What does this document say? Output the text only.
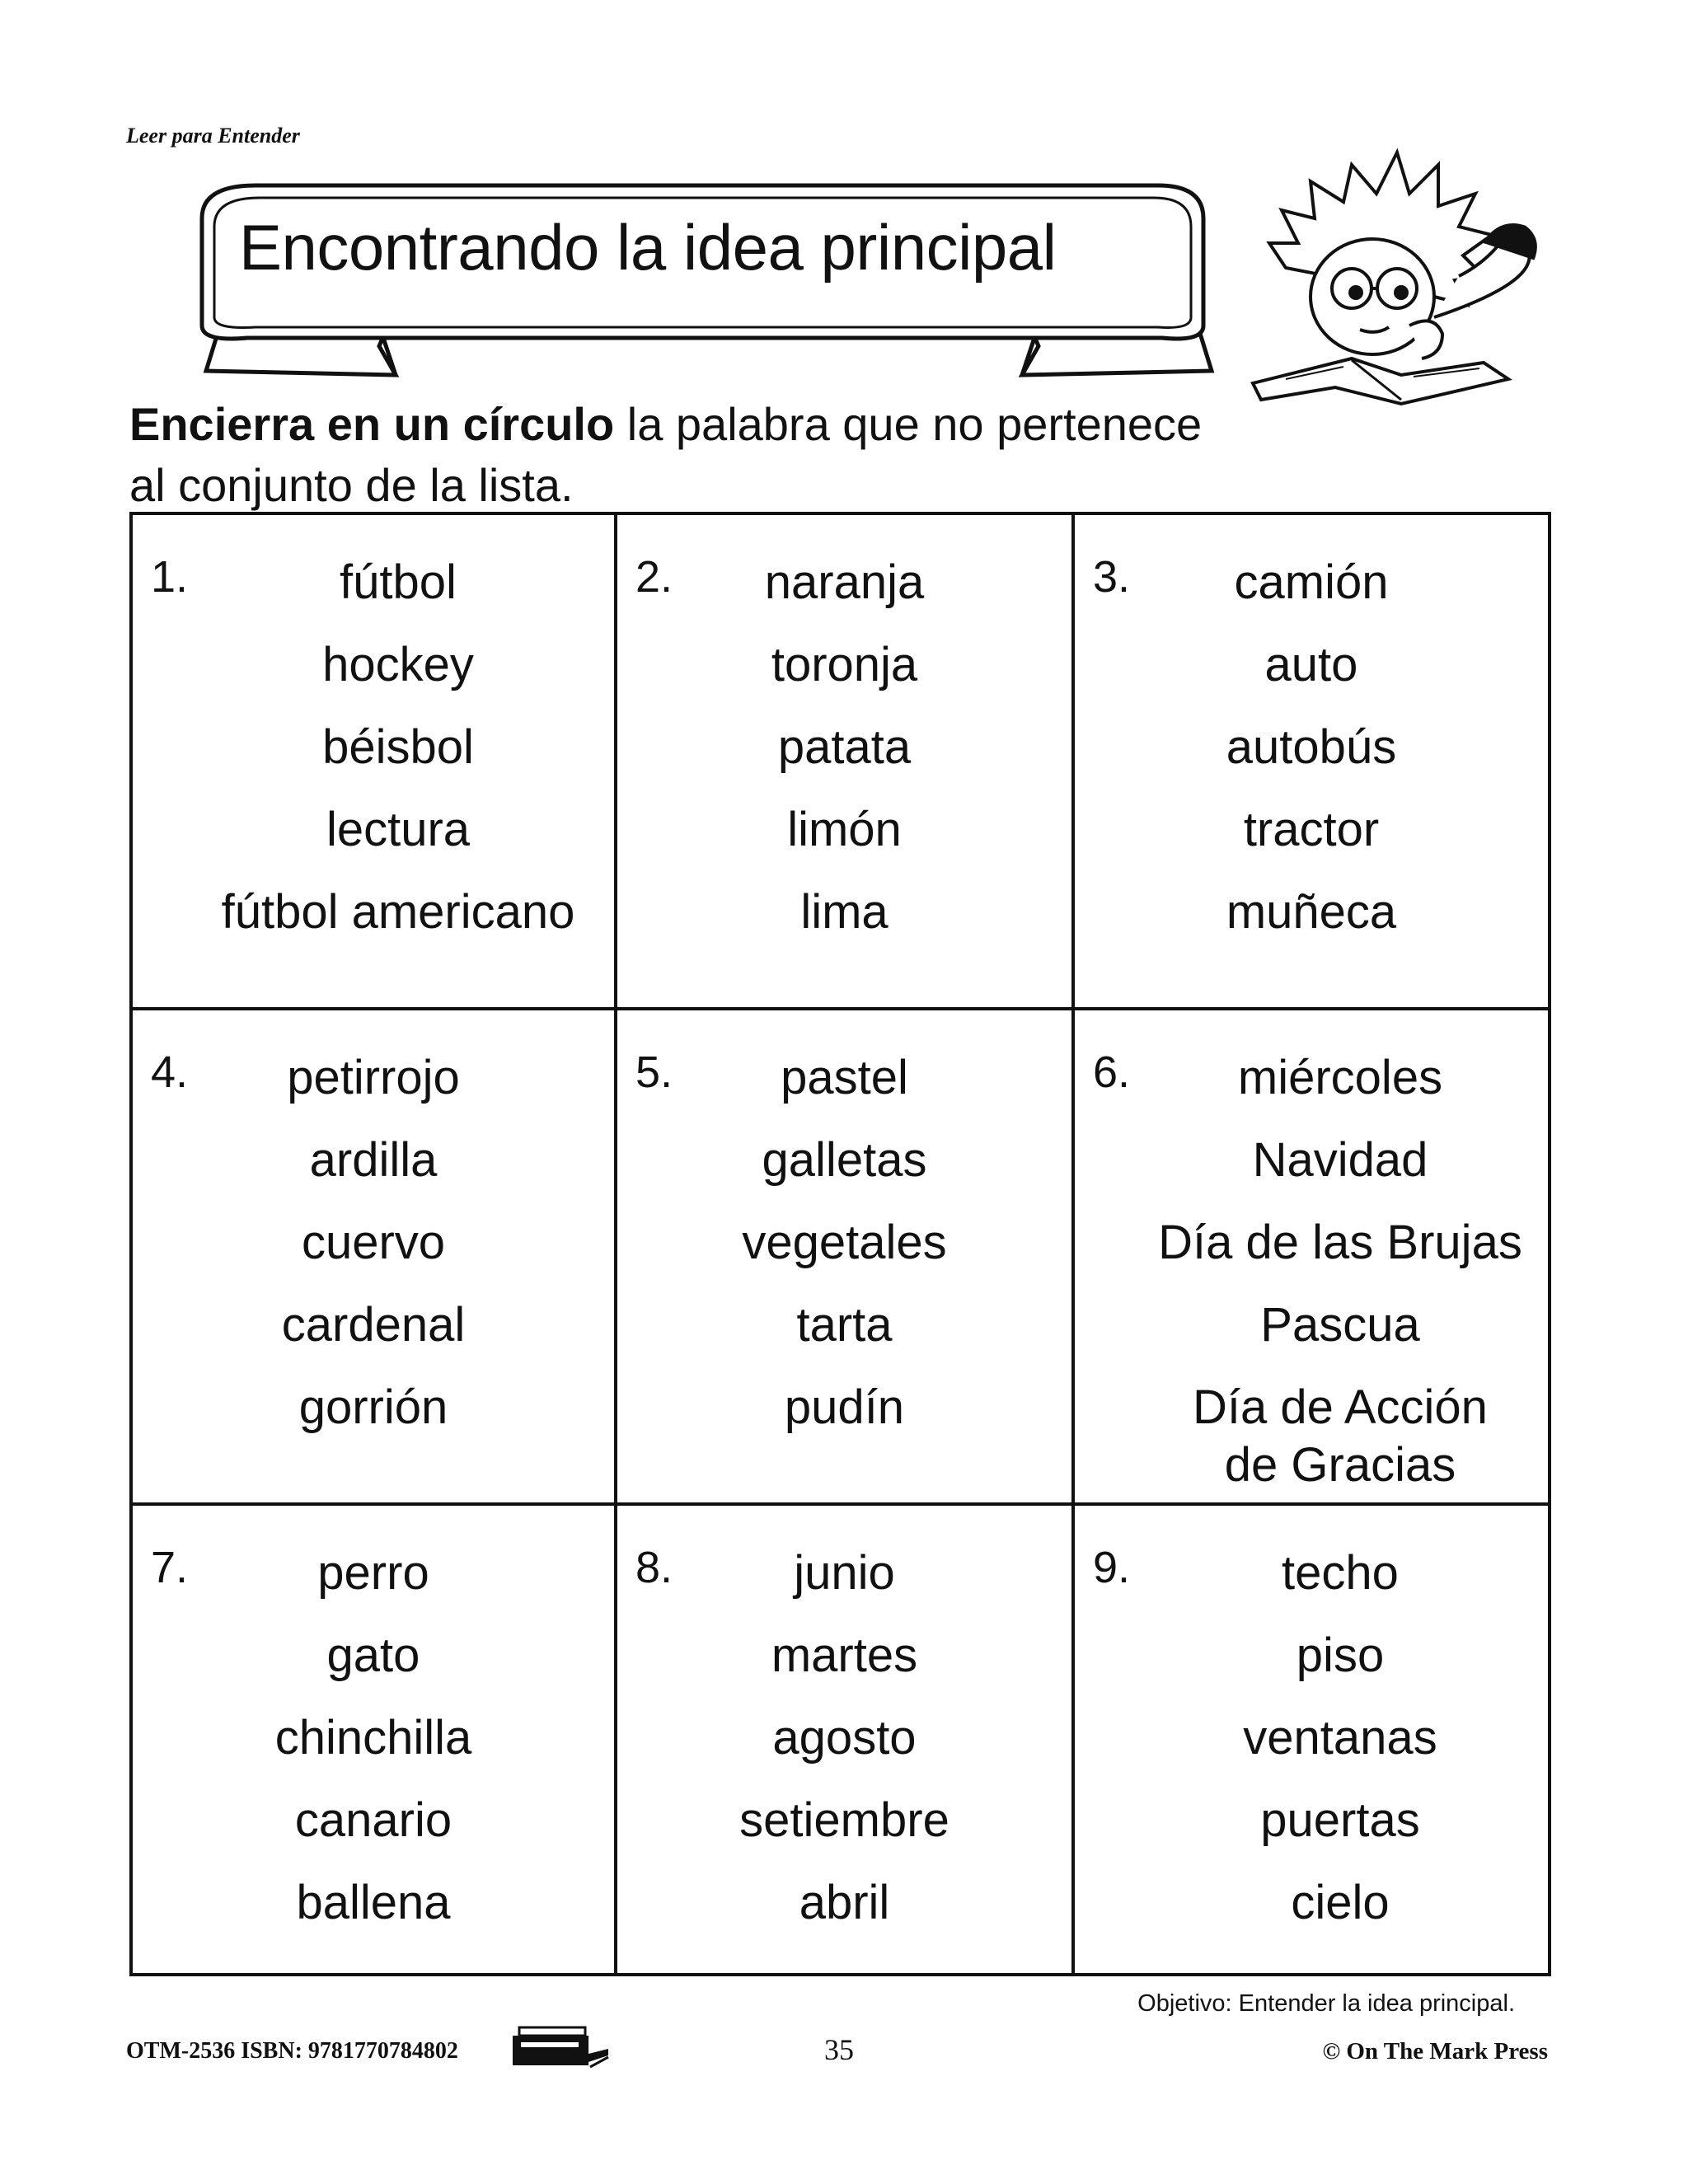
Leer para Entender
Encontrando la idea principal
Encierra en un círculo la palabra que no pertenece
al conjunto de la lista.
1.	fútbol
hockey
béisbol
lectura
fútbol americano
2.	naranja
toronja
patata
limón
lima
3.	camión
auto
autobús
tractor
muñeca
4.	petirrojo
ardilla
cuervo
cardenal
gorrión
5.	pastel
galletas
vegetales
tarta
pudín
6.	miércoles
Navidad
Día de las Brujas
Pascua
Día de Acción
de Gracias
7.	perro
gato
chinchilla
canario
ballena
8.	junio
martes
agosto
setiembre
abril
9.	techo
piso
ventanas
puertas
cielo
Objetivo: Entender la idea principal.
OTM-2536 ISBN: 9781770784802	35	© On The Mark Press
